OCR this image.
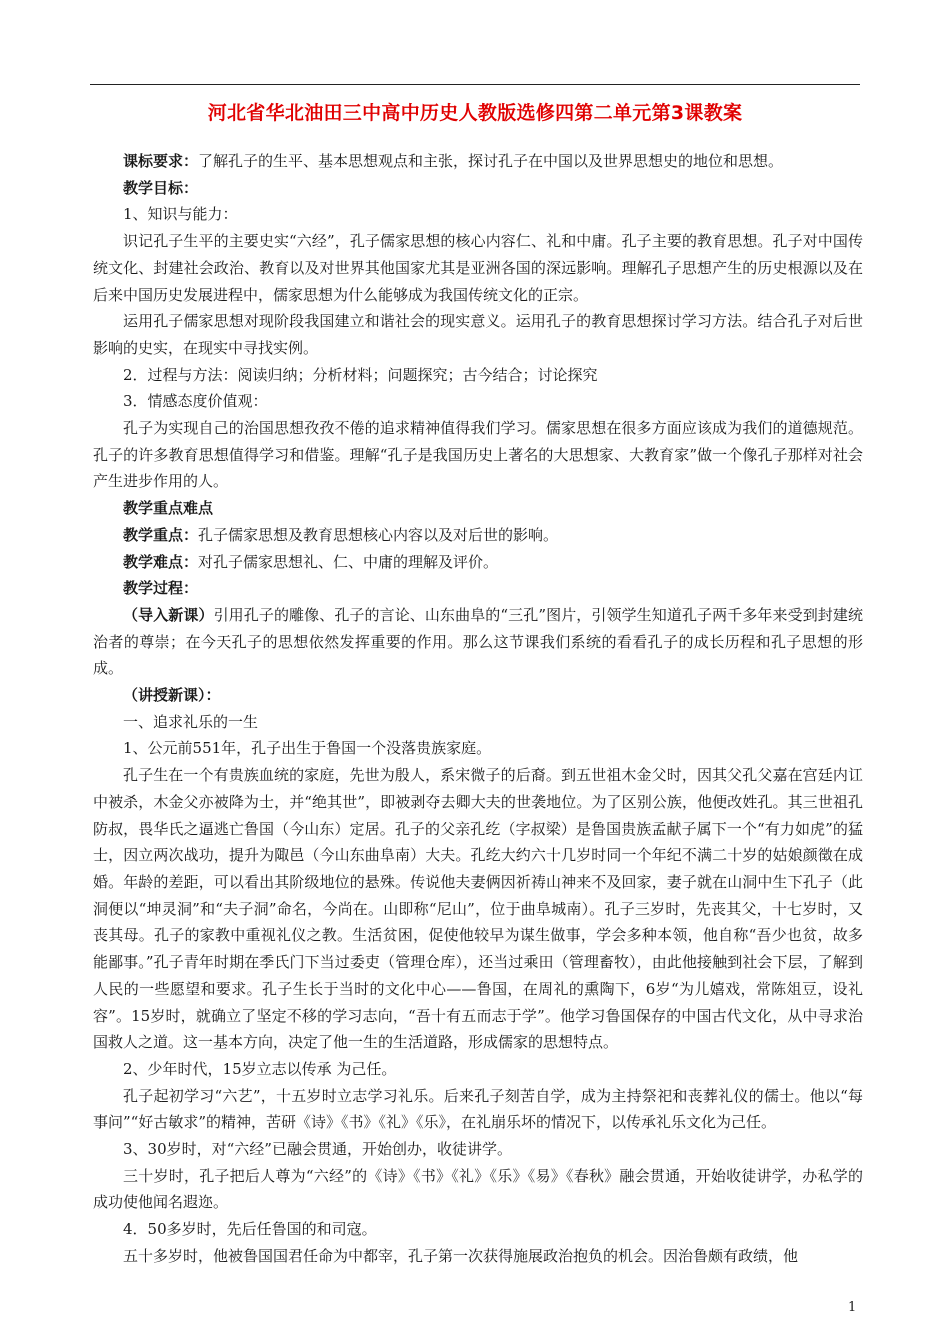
河北省华北油田三中高中历史人教版选修四第二单元第3课教案

课标要求：了解孔子的生平、基本思想观点和主张，探讨孔子在中国以及世界思想史的地位和思想。

教学目标：

1、知识与能力：

识记孔子生平的主要史实“六经”，孔子儒家思想的核心内容仁、礼和中庸。孔子主要的教育思想。孔子对中国传统文化、封建社会政治、教育以及对世界其他国家尤其是亚洲各国的深远影响。理解孔子思想产生的历史根源以及在后来中国历史发展进程中，儒家思想为什么能够成为我国传统文化的正宗。

运用孔子儒家思想对现阶段我国建立和谐社会的现实意义。运用孔子的教育思想探讨学习方法。结合孔子对后世影响的史实，在现实中寻找实例。

2．过程与方法：阅读归纳；分析材料；问题探究；古今结合；讨论探究

3．情感态度价值观：

孔子为实现自己的治国思想孜孜不倦的追求精神值得我们学习。儒家思想在很多方面应该成为我们的道德规范。孔子的许多教育思想值得学习和借鉴。理解“孔子是我国历史上著名的大思想家、大教育家”做一个像孔子那样对社会产生进步作用的人。

教学重点难点

教学重点：孔子儒家思想及教育思想核心内容以及对后世的影响。

教学难点：对孔子儒家思想礼、仁、中庸的理解及评价。

教学过程：

（导入新课）引用孔子的雕像、孔子的言论、山东曲阜的“三孔”图片，引领学生知道孔子两千多年来受到封建统治者的尊崇；在今天孔子的思想依然发挥重要的作用。那么这节课我们系统的看看孔子的成长历程和孔子思想的形成。

（讲授新课）：

一、追求礼乐的一生

1、公元前551年，孔子出生于鲁国一个没落贵族家庭。

孔子生在一个有贵族血统的家庭，先世为殷人，系宋微子的后裔。到五世祖木金父时，因其父孔父嘉在宫廷内讧中被杀，木金父亦被降为士，并“绝其世”，即被剥夺去卿大夫的世袭地位。为了区别公族，他便改姓孔。其三世祖孔防叔，畏华氏之逼逃亡鲁国（今山东）定居。孔子的父亲孔纥（字叔梁）是鲁国贵族孟献子属下一个“有力如虎”的猛士，因立两次战功，提升为陬邑（今山东曲阜南）大夫。孔纥大约六十几岁时同一个年纪不满二十岁的姑娘颜徵在成婚。年龄的差距，可以看出其阶级地位的悬殊。传说他夫妻俩因祈祷山神来不及回家，妻子就在山洞中生下孔子（此洞便以“坤灵洞”和“夫子洞”命名，今尚在。山即称“尼山”，位于曲阜城南）。孔子三岁时，先丧其父，十七岁时，又丧其母。孔子的家教中重视礼仪之教。生活贫困，促使他较早为谋生做事，学会多种本领，他自称“吾少也贫，故多能鄙事。”孔子青年时期在季氏门下当过委吏（管理仓库），还当过乘田（管理畜牧），由此他接触到社会下层，了解到人民的一些愿望和要求。孔子生长于当时的文化中心——鲁国，在周礼的熏陶下，6岁“为儿嬉戏，常陈俎豆，设礼容”。15岁时，就确立了坚定不移的学习志向，“吾十有五而志于学”。他学习鲁国保存的中国古代文化，从中寻求治国救人之道。这一基本方向，决定了他一生的生活道路，形成儒家的思想特点。

2、少年时代，15岁立志以传承 为己任。

孔子起初学习“六艺”，十五岁时立志学习礼乐。后来孔子刻苦自学，成为主持祭祀和丧葬礼仪的儒士。他以“每事问”“好古敏求”的精神，苦研《诗》《书》《礼》《乐》，在礼崩乐坏的情况下，以传承礼乐文化为己任。

3、30岁时，对“六经”已融会贯通，开始创办，收徒讲学。

三十岁时，孔子把后人尊为“六经”的《诗》《书》《礼》《乐》《易》《春秋》融会贯通，开始收徒讲学，办私学的成功使他闻名遐迩。

4．50多岁时，先后任鲁国的和司寇。

五十多岁时，他被鲁国国君任命为中都宰，孔子第一次获得施展政治抱负的机会。因治鲁颇有政绩，他

1
